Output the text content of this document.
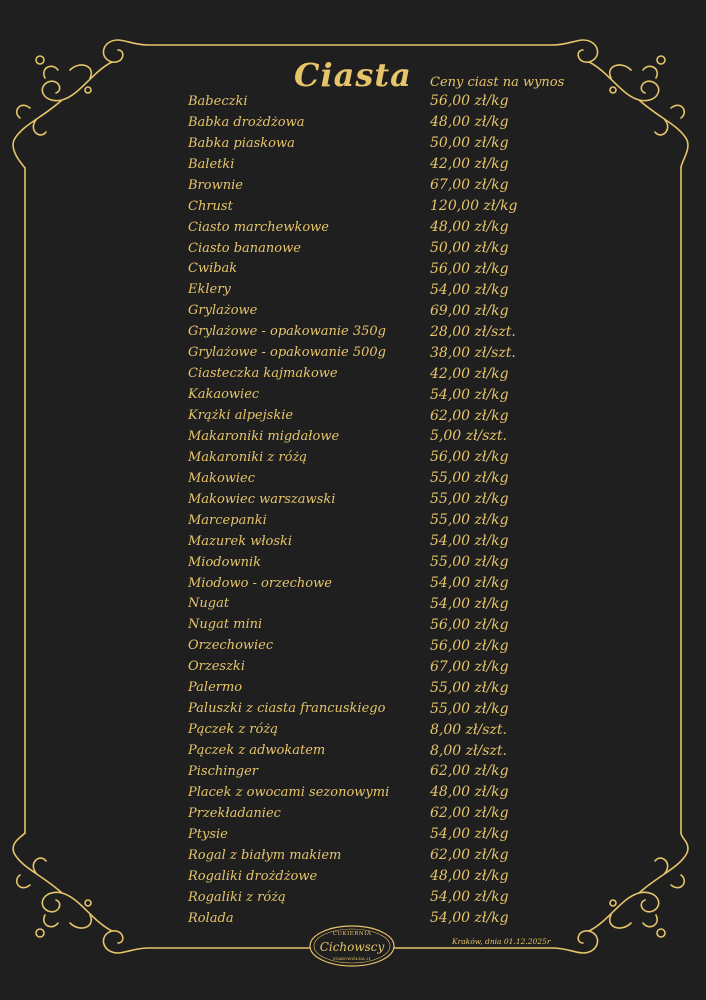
Ciasta Ceny ciast na wynos
Babeczki	56,00 zł/kg
Babka drożdżowa	48,00 zł/kg
Babka piaskowa	50,00 zł/kg
Baletki	42,00 zł/kg
Brownie	67,00 zł/kg
Chrust	120,00 zł/kg
Ciasto marchewkowe	48,00 zł/kg
Ciasto bananowe	50,00 zł/kg
Cwibak	56,00 zł/kg
Eklery	54,00 zł/kg
Grylażowe	69,00 zł/kg
Grylażowe - opakowanie 350g	28,00 zł/szt.
Grylażowe - opakowanie 500g	38,00 zł/szt.
Ciasteczka kajmakowe	42,00 zł/kg
Kakaowiec	54,00 zł/kg
Krążki alpejskie	62,00 zł/kg
Makaroniki migdałowe	5,00 zł/szt.
Makaroniki z różą	56,00 zł/kg
Makowiec	55,00 zł/kg
Makowiec warszawski	55,00 zł/kg
Marcepanki	55,00 zł/kg
Mazurek włoski	54,00 zł/kg
Miodownik	55,00 zł/kg
Miodowo - orzechowe	54,00 zł/kg
Nugat	54,00 zł/kg
Nugat mini	56,00 zł/kg
Orzechowiec	56,00 zł/kg
Orzeszki	67,00 zł/kg
Palermo	55,00 zł/kg
Paluszki z ciasta francuskiego	55,00 zł/kg
Pączek z różą	8,00 zł/szt.
Pączek z adwokatem	8,00 zł/szt.
Pischinger	62,00 zł/kg
Placek z owocami sezonowymi	48,00 zł/kg
Przekładaniec	62,00 zł/kg
Ptysie	54,00 zł/kg
Rogal z białym makiem	62,00 zł/kg
Rogaliki drożdżowe	48,00 zł/kg
Rogaliki z różą	54,00 zł/kg
Rolada	54,00 zł/kg
CUKIERNIA
Cichowscy
STAROWIŚLNA 21
Kraków, dnia 01.12.2025r
